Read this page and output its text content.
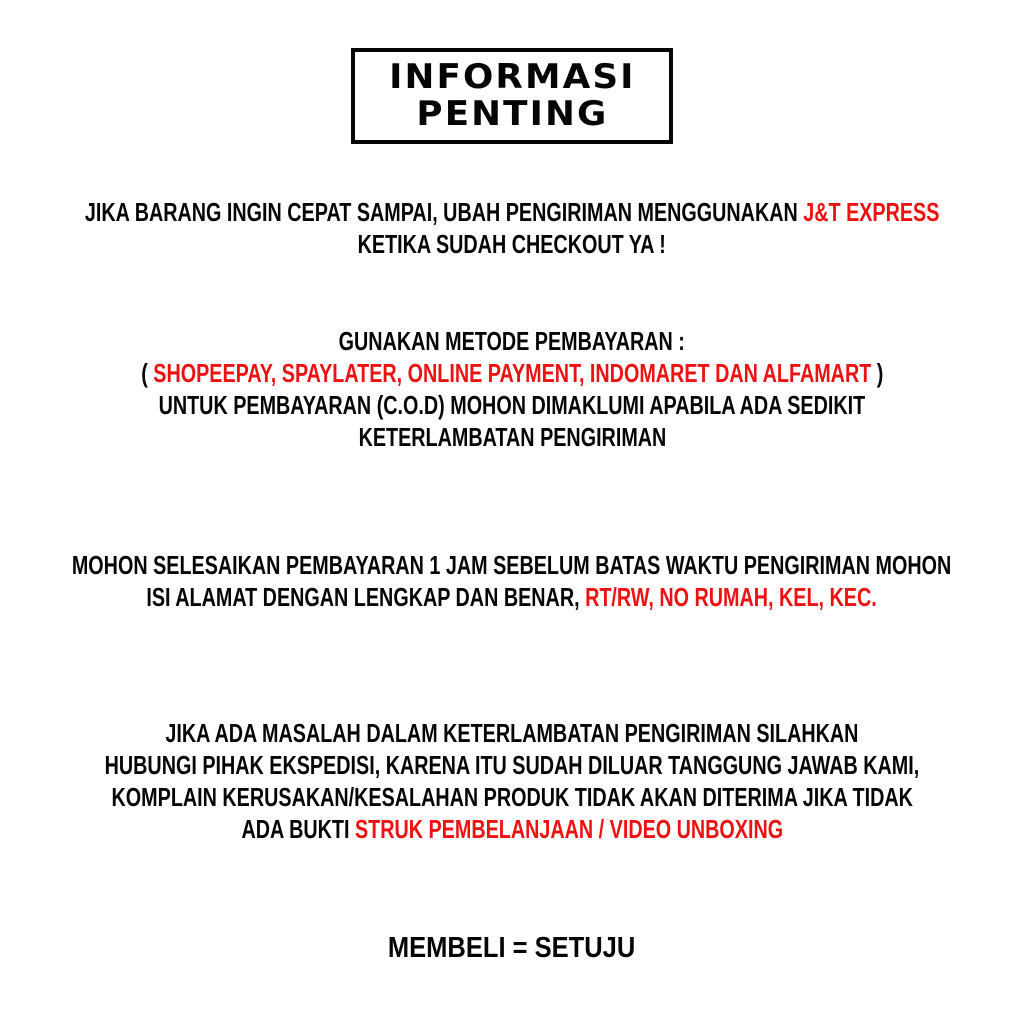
INFORMASI
PENTING
JIKA BARANG INGIN CEPAT SAMPAI, UBAH PENGIRIMAN MENGGUNAKAN J&T EXPRESS
KETIKA SUDAH CHECKOUT YA !
GUNAKAN METODE PEMBAYARAN :
( SHOPEEPAY, SPAYLATER, ONLINE PAYMENT, INDOMARET DAN ALFAMART )
UNTUK PEMBAYARAN (C.O.D) MOHON DIMAKLUMI APABILA ADA SEDIKIT
KETERLAMBATAN PENGIRIMAN
MOHON SELESAIKAN PEMBAYARAN 1 JAM SEBELUM BATAS WAKTU PENGIRIMAN MOHON
ISI ALAMAT DENGAN LENGKAP DAN BENAR, RT/RW, NO RUMAH, KEL, KEC.
JIKA ADA MASALAH DALAM KETERLAMBATAN PENGIRIMAN SILAHKAN
HUBUNGI PIHAK EKSPEDISI, KARENA ITU SUDAH DILUAR TANGGUNG JAWAB KAMI,
KOMPLAIN KERUSAKAN/KESALAHAN PRODUK TIDAK AKAN DITERIMA JIKA TIDAK
ADA BUKTI STRUK PEMBELANJAAN / VIDEO UNBOXING
MEMBELI = SETUJU
